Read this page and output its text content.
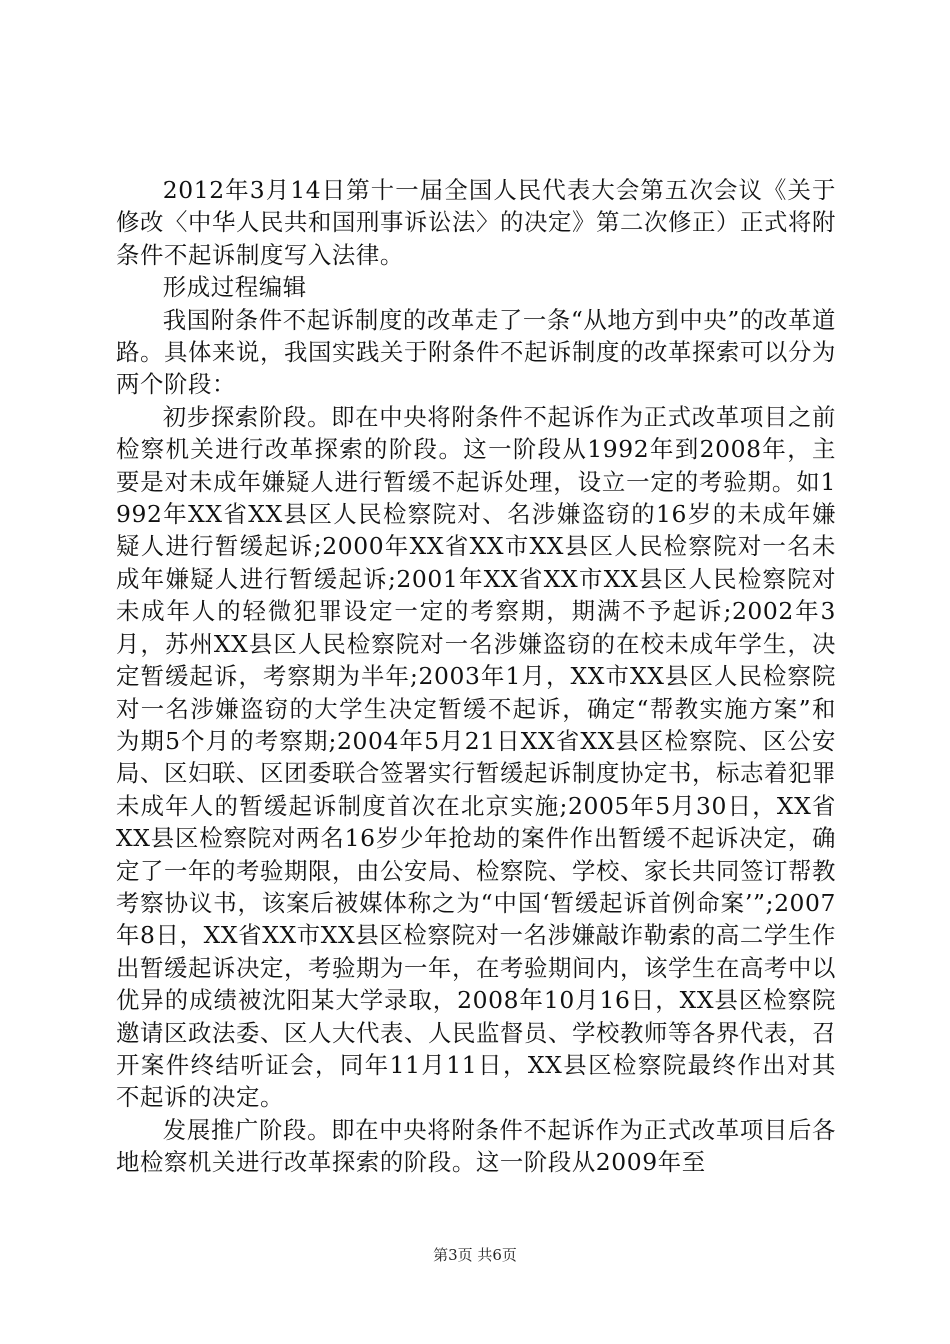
2012年3月14日第十一届全国人民代表大会第五次会议《关于修改〈中华人民共和国刑事诉讼法〉的决定》第二次修正）正式将附条件不起诉制度写入法律。

形成过程编辑

我国附条件不起诉制度的改革走了一条“从地方到中央”的改革道路。具体来说，我国实践关于附条件不起诉制度的改革探索可以分为两个阶段：

初步探索阶段。即在中央将附条件不起诉作为正式改革项目之前检察机关进行改革探索的阶段。这一阶段从1992年到2008年，主要是对未成年嫌疑人进行暂缓不起诉处理，设立一定的考验期。如1992年XX省XX县区人民检察院对、名涉嫌盗窃的16岁的未成年嫌疑人进行暂缓起诉;2000年XX省XX市XX县区人民检察院对一名未成年嫌疑人进行暂缓起诉;2001年XX省XX市XX县区人民检察院对未成年人的轻微犯罪设定一定的考察期，期满不予起诉;2002年3月，苏州XX县区人民检察院对一名涉嫌盗窃的在校未成年学生，决定暂缓起诉，考察期为半年;2003年1月，XX市XX县区人民检察院对一名涉嫌盗窃的大学生决定暂缓不起诉，确定“帮教实施方案”和为期5个月的考察期;2004年5月21日XX省XX县区检察院、区公安局、区妇联、区团委联合签署实行暂缓起诉制度协定书，标志着犯罪未成年人的暂缓起诉制度首次在北京实施;2005年5月30日，XX省XX县区检察院对两名16岁少年抢劫的案件作出暂缓不起诉决定，确定了一年的考验期限，由公安局、检察院、学校、家长共同签订帮教考察协议书，该案后被媒体称之为“中国‘暂缓起诉首例命案’”;2007年8日，XX省XX市XX县区检察院对一名涉嫌敲诈勒索的高二学生作出暂缓起诉决定，考验期为一年，在考验期间内，该学生在高考中以优异的成绩被沈阳某大学录取，2008年10月16日，XX县区检察院邀请区政法委、区人大代表、人民监督员、学校教师等各界代表，召开案件终结听证会，同年11月11日，XX县区检察院最终作出对其不起诉的决定。

发展推广阶段。即在中央将附条件不起诉作为正式改革项目后各地检察机关进行改革探索的阶段。这一阶段从2009年至

第3页 共6页
